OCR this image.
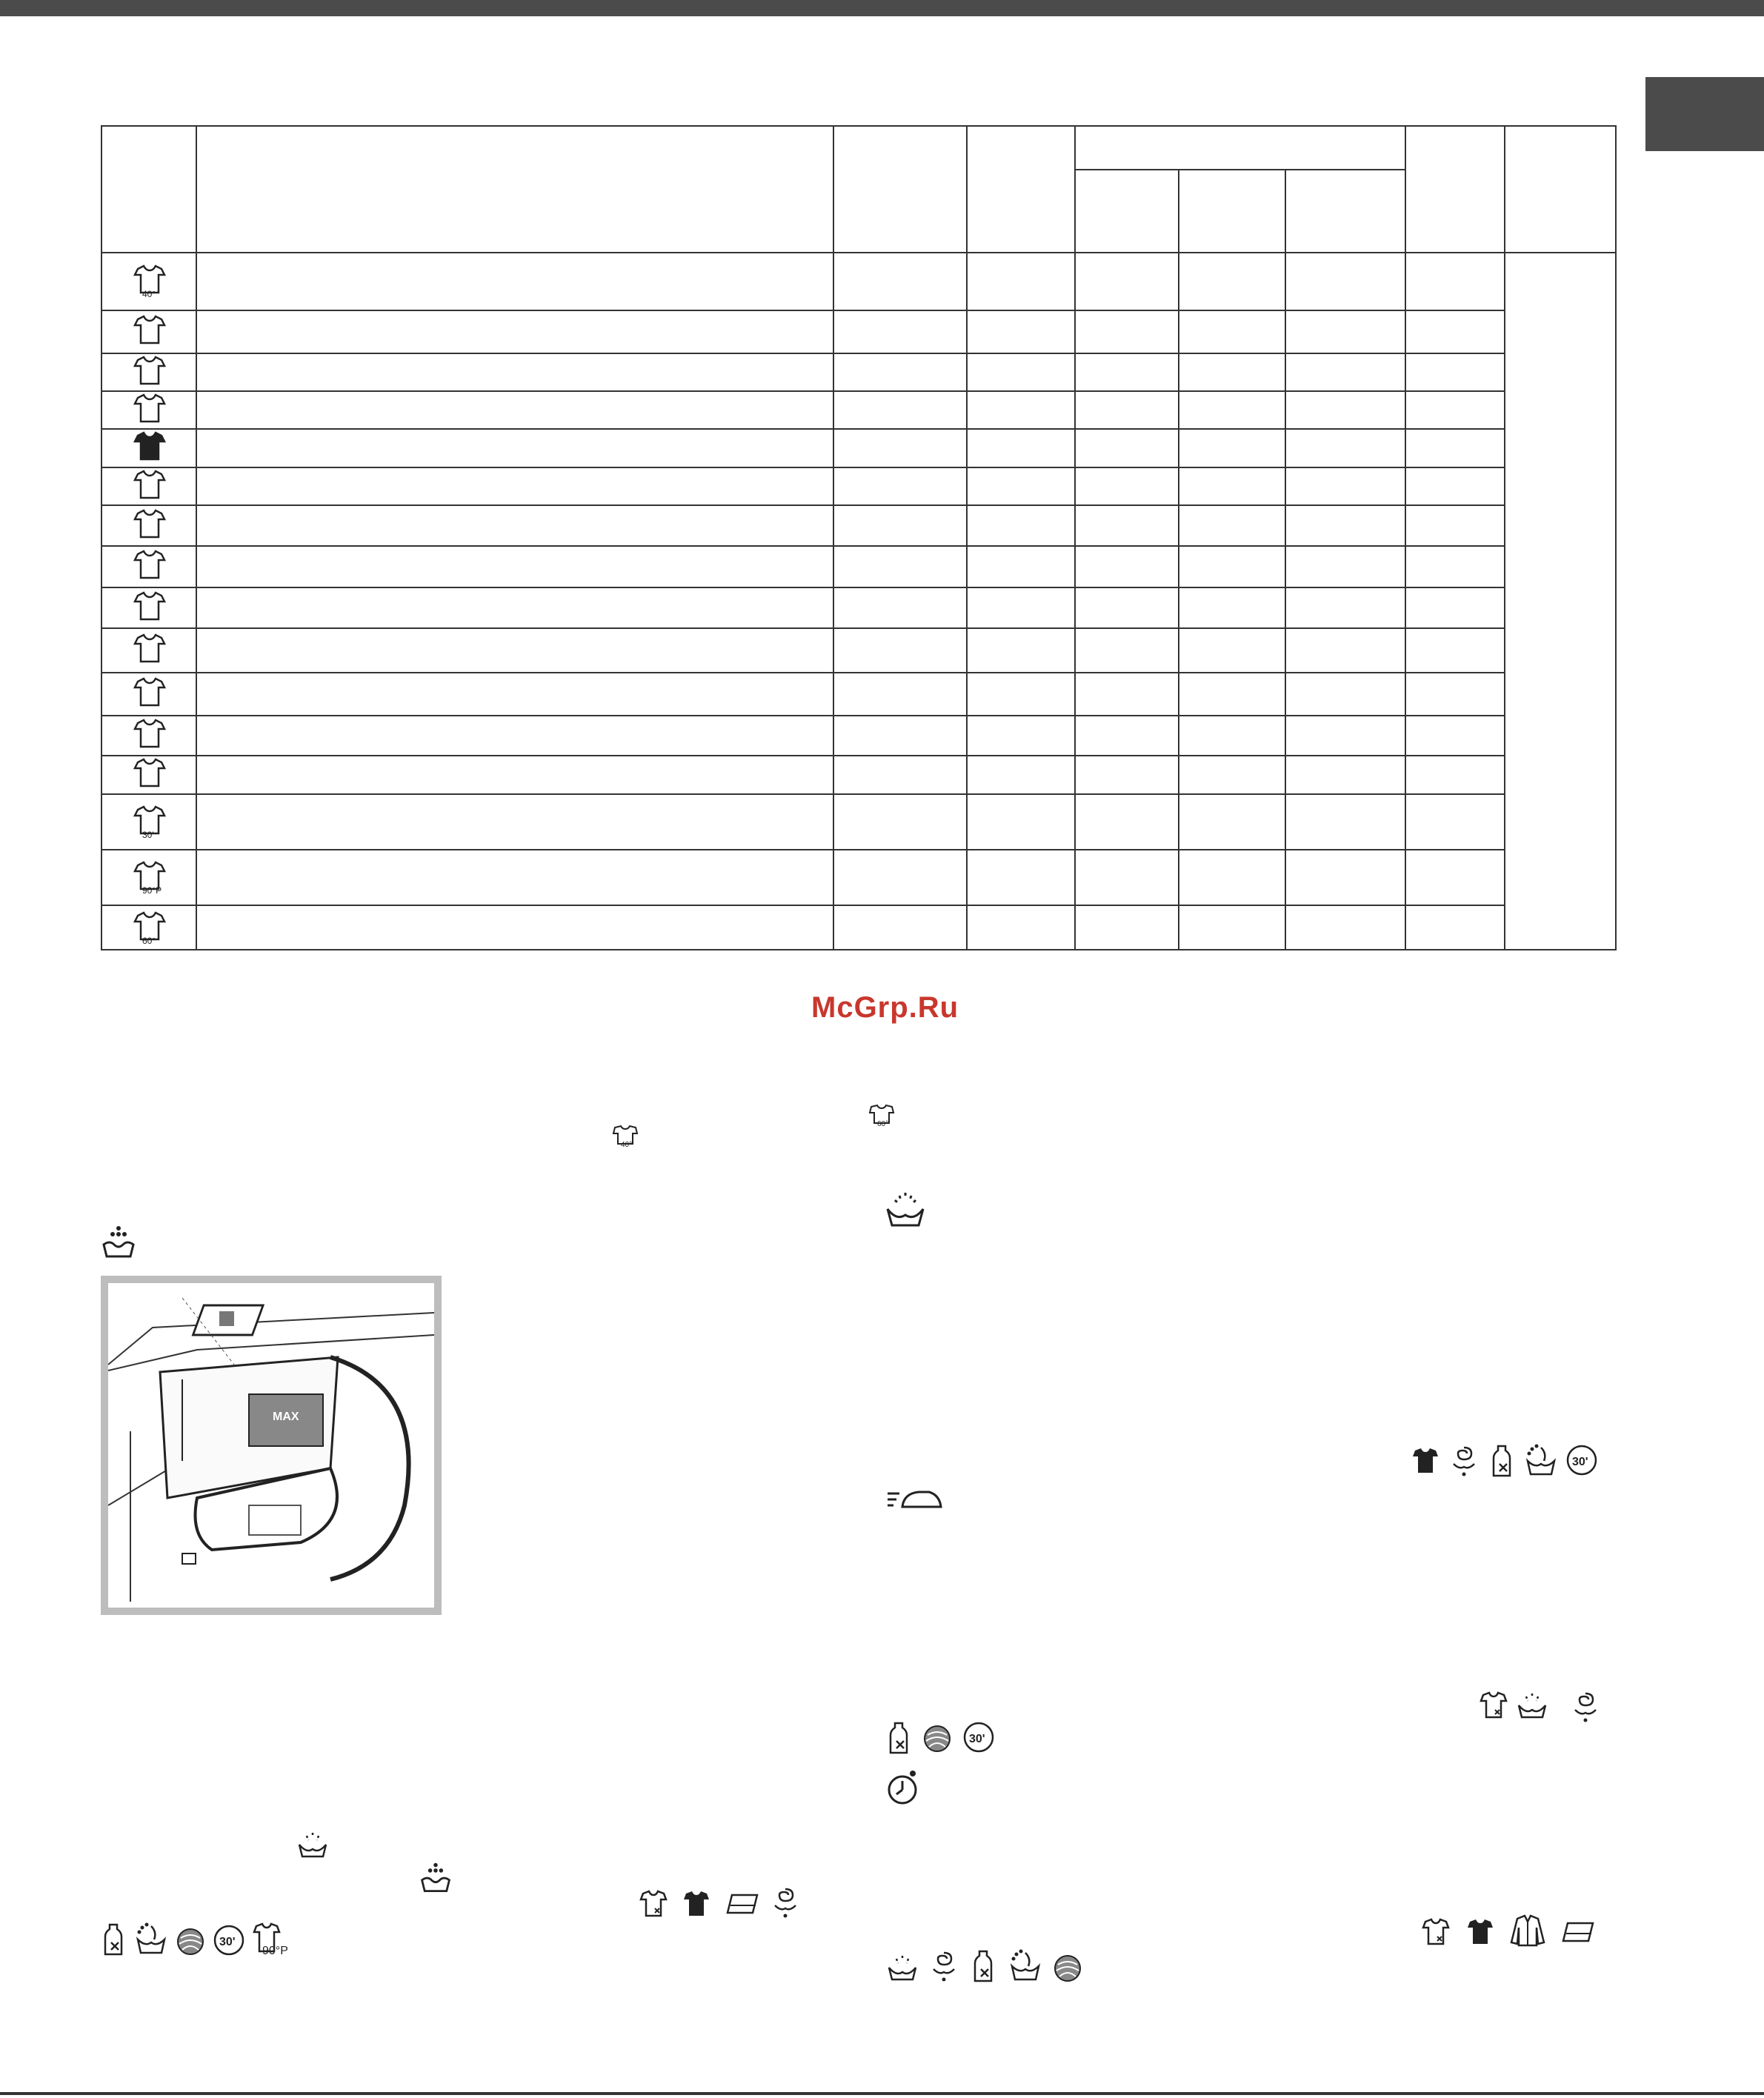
40°
30'
90°P
60°
McGrp.Ru
60°
40°
MAX
30'
30'
30'
90°P
